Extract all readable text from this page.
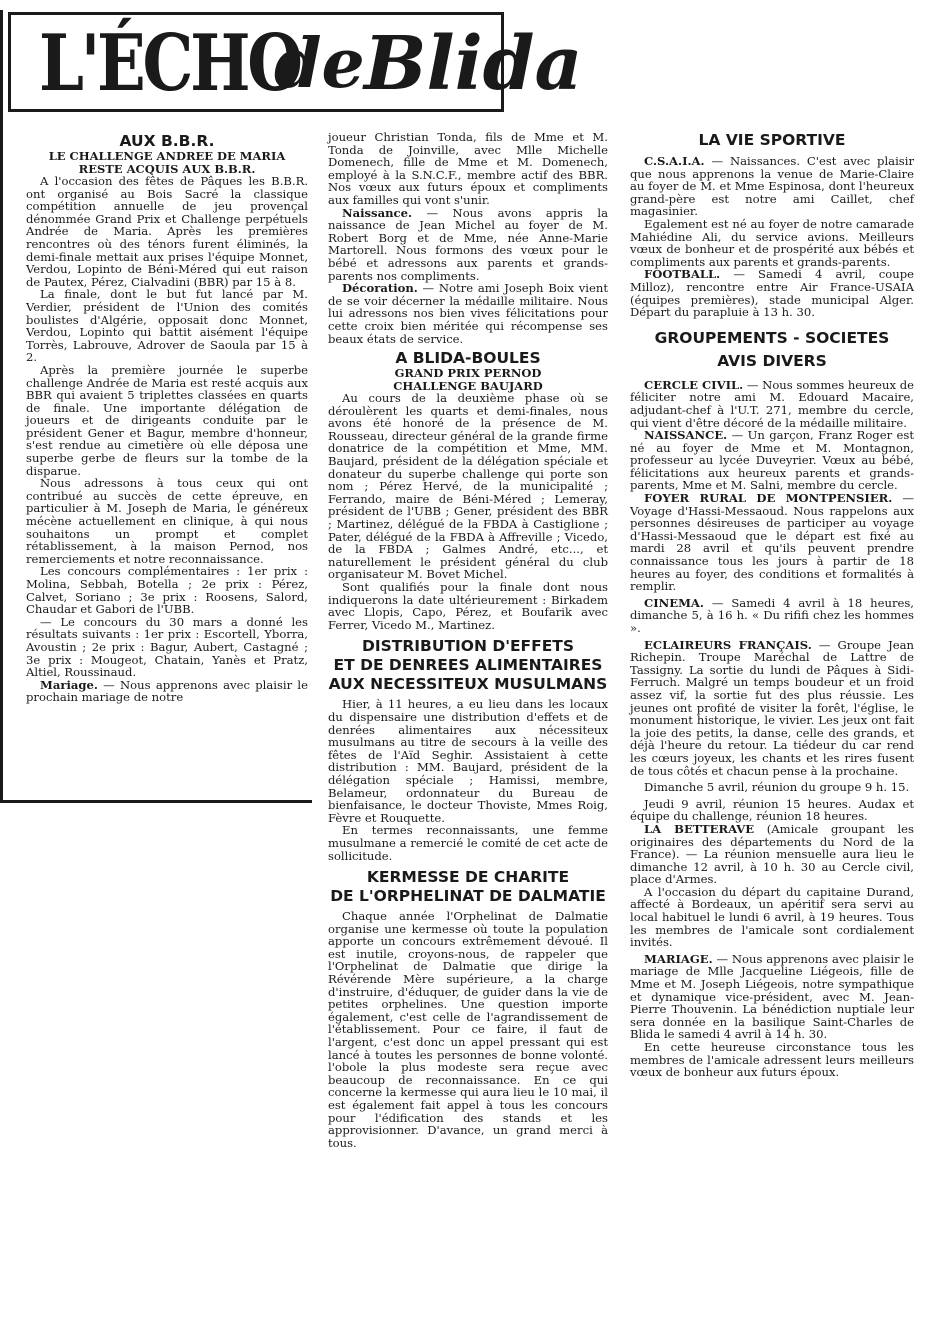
L'ÉCHO
de Blida
AUX B.B.R.
LE CHALLENGE ANDREE DE MARIA
RESTE ACQUIS AUX B.B.R.

A l'occasion des fêtes de Pâques les B.B.R. ont organisé au Bois Sacré la classique compétition annuelle de jeu provençal dénommée Grand Prix et Challenge perpétuels Andrée de Maria. Après les premières rencontres où des ténors furent éliminés, la demi-finale mettait aux prises l'équipe Monnet, Verdou, Lopinto de Béni-Méred qui eut raison de Pautex, Pérez, Cialvadini (BBR) par 15 à 8.

La finale, dont le but fut lancé par M. Verdier, président de l'Union des comités boulistes d'Algérie, opposait donc Monnet, Verdou, Lopinto qui battit aisément l'équipe Torrès, Labrouve, Adrover de Saoula par 15 à 2.

Après la première journée le superbe challenge Andrée de Maria est resté acquis aux BBR qui avaient 5 triplettes classées en quarts de finale. Une importante délégation de joueurs et de dirigeants conduite par le président Gener et Bagur, membre d'honneur, s'est rendue au cimetière où elle déposa une superbe gerbe de fleurs sur la tombe de la disparue.

Nous adressons à tous ceux qui ont contribué au succès de cette épreuve, en particulier à M. Joseph de Maria, le généreux mécène actuellement en clinique, à qui nous souhaitons un prompt et complet rétablissement, à la maison Pernod, nos remerciements et notre reconnaissance.

Les concours complémentaires : 1er prix : Molina, Sebbah, Botella ; 2e prix : Pérez, Calvet, Soriano ; 3e prix : Roosens, Salord, Chaudar et Gabori de l'UBB.

— Le concours du 30 mars a donné les résultats suivants : 1er prix : Escortell, Yborra, Avoustin ; 2e prix : Bagur, Aubert, Castagné ; 3e prix : Mougeot, Chatain, Yanès et Pratz, Altiel, Roussinaud.

Mariage. — Nous apprenons avec plaisir le prochain mariage de notre

joueur Christian Tonda, fils de Mme et M. Tonda de Joinville, avec Mlle Michelle Domenech, fille de Mme et M. Domenech, employé à la S.N.C.F., membre actif des BBR. Nos vœux aux futurs époux et compliments aux familles qui vont s'unir.

Naissance. — Nous avons appris la naissance de Jean Michel au foyer de M. Robert Borg et de Mme, née Anne-Marie Martorell. Nous formons des vœux pour le bébé et adressons aux parents et grands-parents nos compliments.

Décoration. — Notre ami Joseph Boix vient de se voir décerner la médaille militaire. Nous lui adressons nos bien vives félicitations pour cette croix bien méritée qui récompense ses beaux états de service.

A BLIDA-BOULES
GRAND PRIX PERNOD
CHALLENGE BAUJARD

Au cours de la deuxième phase où se déroulèrent les quarts et demi-finales, nous avons été honoré de la présence de M. Rousseau, directeur général de la grande firme donatrice de la compétition et Mme, MM. Baujard, président de la délégation spéciale et donateur du superbe challenge qui porte son nom ; Pérez Hervé, de la municipalité ; Ferrando, maire de Béni-Méred ; Lemeray, président de l'UBB ; Gener, président des BBR ; Martinez, délégué de la FBDA à Castiglione ; Pater, délégué de la FBDA à Affreville ; Vicedo, de la FBDA ; Galmes André, etc..., et naturellement le président général du club organisateur M. Bovet Michel.

Sont qualifiés pour la finale dont nous indiquerons la date ultérieurement : Birkadem avec Llopis, Capo, Pérez, et Boufarik avec Ferrer, Vicedo M., Martinez.

DISTRIBUTION D'EFFETS
ET DE DENREES ALIMENTAIRES
AUX NECESSITEUX MUSULMANS

Hier, à 11 heures, a eu lieu dans les locaux du dispensaire une distribution d'effets et de denrées alimentaires aux nécessiteux musulmans au titre de secours à la veille des fêtes de l'Aïd Seghir. Assistaient à cette distribution : MM. Baujard, président de la délégation spéciale ; Hamissi, membre, Belameur, ordonnateur du Bureau de bienfaisance, le docteur Thoviste, Mmes Roig, Fèvre et Rouquette.

En termes reconnaissants, une femme musulmane a remercié le comité de cet acte de sollicitude.

KERMESSE DE CHARITE
DE L'ORPHELINAT DE DALMATIE

Chaque année l'Orphelinat de Dalmatie organise une kermesse où toute la population apporte un concours extrêmement dévoué. Il est inutile, croyons-nous, de rappeler que l'Orphelinat de Dalmatie que dirige la Révérende Mère supérieure, a la charge d'instruire, d'éduquer, de guider dans la vie de petites orphelines. Une question importe également, c'est celle de l'agrandissement de l'établissement. Pour ce faire, il faut de l'argent, c'est donc un appel pressant qui est lancé à toutes les personnes de bonne volonté. l'obole la plus modeste sera reçue avec beaucoup de reconnaissance. En ce qui concerne la kermesse qui aura lieu le 10 mai, il est également fait appel à tous les concours pour l'édification des stands et les approvisionner. D'avance, un grand merci à tous.

LA VIE SPORTIVE

C.S.A.I.A. — Naissances. C'est avec plaisir que nous apprenons la venue de Marie-Claire au foyer de M. et Mme Espinosa, dont l'heureux grand-père est notre ami Caillet, chef magasinier.

Egalement est né au foyer de notre camarade Mahiédine Ali, du service avions. Meilleurs vœux de bonheur et de prospérité aux bébés et compliments aux parents et grands-parents.

FOOTBALL. — Samedi 4 avril, coupe Milloz), rencontre entre Air France-USAIA (équipes premières), stade municipal Alger. Départ du parapluie à 13 h. 30.

GROUPEMENTS - SOCIETES
AVIS DIVERS

CERCLE CIVIL. — Nous sommes heureux de féliciter notre ami M. Edouard Macaire, adjudant-chef à l'U.T. 271, membre du cercle, qui vient d'être décoré de la médaille militaire.

NAISSANCE. — Un garçon, Franz Roger est né au foyer de Mme et M. Montagnon, professeur au lycée Duveyrier. Vœux au bébé, félicitations aux heureux parents et grands-parents, Mme et M. Salni, membre du cercle.

FOYER RURAL DE MONTPENSIER. — Voyage d'Hassi-Messaoud. Nous rappelons aux personnes désireuses de participer au voyage d'Hassi-Messaoud que le départ est fixé au mardi 28 avril et qu'ils peuvent prendre connaissance tous les jours à partir de 18 heures au foyer, des conditions et formalités à remplir.

CINEMA. — Samedi 4 avril à 18 heures, dimanche 5, à 16 h. « Du rififi chez les hommes ».

ECLAIREURS FRANÇAIS. — Groupe Jean Richepin. Troupe Maréchal de Lattre de Tassigny. La sortie du lundi de Pâques à Sidi-Ferruch. Malgré un temps boudeur et un froid assez vif, la sortie fut des plus réussie. Les jeunes ont profité de visiter la forêt, l'église, le monument historique, le vivier. Les jeux ont fait la joie des petits, la danse, celle des grands, et déjà l'heure du retour. La tiédeur du car rend les cœurs joyeux, les chants et les rires fusent de tous côtés et chacun pense à la prochaine.

Dimanche 5 avril, réunion du groupe 9 h. 15.

Jeudi 9 avril, réunion 15 heures. Audax et équipe du challenge, réunion 18 heures.

LA BETTERAVE (Amicale groupant les originaires des départements du Nord de la France). — La réunion mensuelle aura lieu le dimanche 12 avril, à 10 h. 30 au Cercle civil, place d'Armes.

A l'occasion du départ du capitaine Durand, affecté à Bordeaux, un apéritif sera servi au local habituel le lundi 6 avril, à 19 heures. Tous les membres de l'amicale sont cordialement invités.

MARIAGE. — Nous apprenons avec plaisir le mariage de Mlle Jacqueline Liégeois, fille de Mme et M. Joseph Liégeois, notre sympathique et dynamique vice-président, avec M. Jean-Pierre Thouvenin. La bénédiction nuptiale leur sera donnée en la basilique Saint-Charles de Blida le samedi 4 avril à 14 h. 30.

En cette heureuse circonstance tous les membres de l'amicale adressent leurs meilleurs vœux de bonheur aux futurs époux.
